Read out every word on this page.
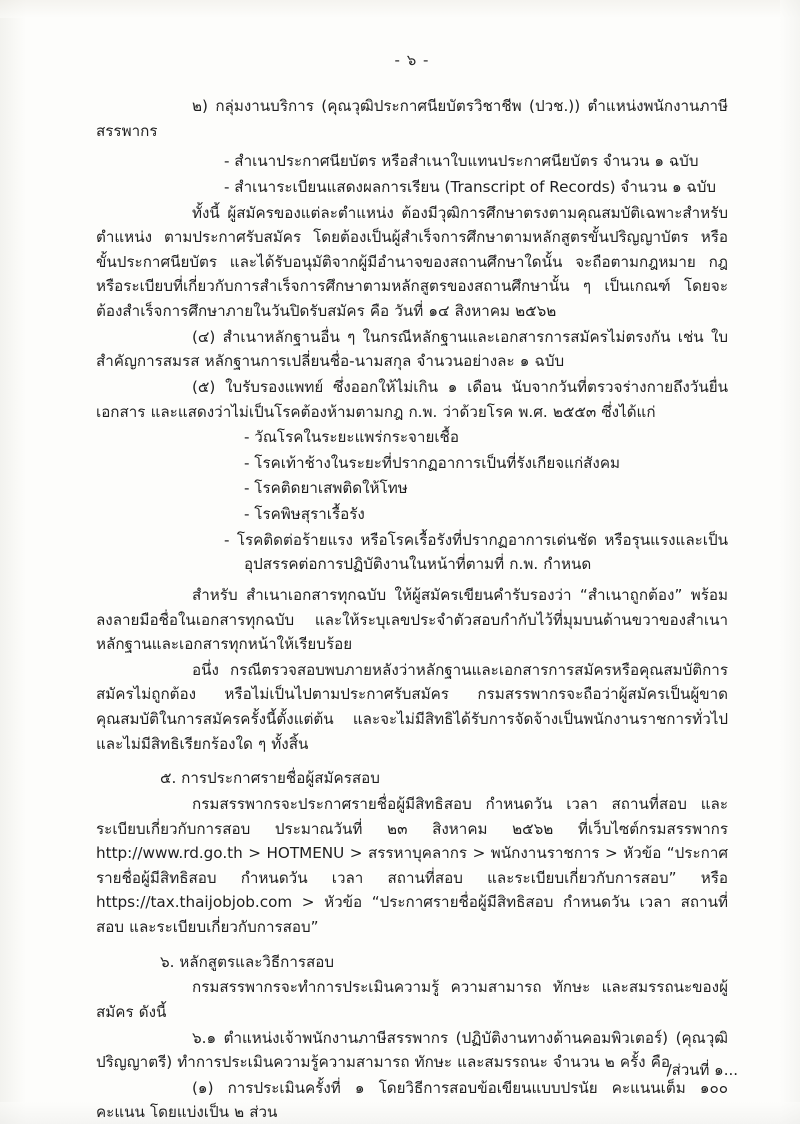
- ๖ -

๒) กลุ่มงานบริการ (คุณวุฒิประกาศนียบัตรวิชาชีพ (ปวช.)) ตำแหน่งพนักงานภาษีสรรพากร

- สำเนาประกาศนียบัตร หรือสำเนาใบแทนประกาศนียบัตร จำนวน ๑ ฉบับ

- สำเนาระเบียนแสดงผลการเรียน (Transcript of Records) จำนวน ๑ ฉบับ

ทั้งนี้ ผู้สมัครของแต่ละตำแหน่ง ต้องมีวุฒิการศึกษาตรงตามคุณสมบัติเฉพาะสำหรับตำแหน่ง ตามประกาศรับสมัคร โดยต้องเป็นผู้สำเร็จการศึกษาตามหลักสูตรขั้นปริญญาบัตร หรือขั้นประกาศนียบัตร และได้รับอนุมัติจากผู้มีอำนาจของสถานศึกษาใดนั้น จะถือตามกฎหมาย กฎ หรือระเบียบที่เกี่ยวกับการสำเร็จการศึกษาตามหลักสูตรของสถานศึกษานั้น ๆ เป็นเกณฑ์ โดยจะต้องสำเร็จการศึกษาภายในวันปิดรับสมัคร คือ วันที่ ๑๔ สิงหาคม ๒๕๖๒

(๔) สำเนาหลักฐานอื่น ๆ ในกรณีหลักฐานและเอกสารการสมัครไม่ตรงกัน เช่น ใบสำคัญการสมรส หลักฐานการเปลี่ยนชื่อ-นามสกุล จำนวนอย่างละ ๑ ฉบับ

(๕) ใบรับรองแพทย์ ซึ่งออกให้ไม่เกิน ๑ เดือน นับจากวันที่ตรวจร่างกายถึงวันยื่นเอกสาร และแสดงว่าไม่เป็นโรคต้องห้ามตามกฎ ก.พ. ว่าด้วยโรค พ.ศ. ๒๕๕๓ ซึ่งได้แก่

- วัณโรคในระยะแพร่กระจายเชื้อ

- โรคเท้าช้างในระยะที่ปรากฏอาการเป็นที่รังเกียจแก่สังคม

- โรคติดยาเสพติดให้โทษ

- โรคพิษสุราเรื้อรัง

- โรคติดต่อร้ายแรง หรือโรคเรื้อรังที่ปรากฏอาการเด่นชัด หรือรุนแรงและเป็นอุปสรรคต่อการปฏิบัติงานในหน้าที่ตามที่ ก.พ. กำหนด

สำหรับ สำเนาเอกสารทุกฉบับ ให้ผู้สมัครเขียนคำรับรองว่า “สำเนาถูกต้อง” พร้อมลงลายมือชื่อในเอกสารทุกฉบับ และให้ระบุเลขประจำตัวสอบกำกับไว้ที่มุมบนด้านขวาของสำเนาหลักฐานและเอกสารทุกหน้าให้เรียบร้อย

อนึ่ง กรณีตรวจสอบพบภายหลังว่าหลักฐานและเอกสารการสมัครหรือคุณสมบัติการสมัครไม่ถูกต้อง หรือไม่เป็นไปตามประกาศรับสมัคร กรมสรรพากรจะถือว่าผู้สมัครเป็นผู้ขาดคุณสมบัติในการสมัครครั้งนี้ตั้งแต่ต้น และจะไม่มีสิทธิได้รับการจัดจ้างเป็นพนักงานราชการทั่วไป และไม่มีสิทธิเรียกร้องใด ๆ ทั้งสิ้น

๕. การประกาศรายชื่อผู้สมัครสอบ

กรมสรรพากรจะประกาศรายชื่อผู้มีสิทธิสอบ กำหนดวัน เวลา สถานที่สอบ และระเบียบเกี่ยวกับการสอบ ประมาณวันที่ ๒๓ สิงหาคม ๒๕๖๒ ที่เว็บไซต์กรมสรรพากร http://www.rd.go.th > HOTMENU > สรรหาบุคลากร > พนักงานราชการ > หัวข้อ “ประกาศรายชื่อผู้มีสิทธิสอบ กำหนดวัน เวลา สถานที่สอบ และระเบียบเกี่ยวกับการสอบ” หรือ https://tax.thaijobjob.com > หัวข้อ “ประกาศรายชื่อผู้มีสิทธิสอบ กำหนดวัน เวลา สถานที่สอบ และระเบียบเกี่ยวกับการสอบ”

๖. หลักสูตรและวิธีการสอบ

กรมสรรพากรจะทำการประเมินความรู้ ความสามารถ ทักษะ และสมรรถนะของผู้สมัคร ดังนี้

๖.๑ ตำแหน่งเจ้าพนักงานภาษีสรรพากร (ปฏิบัติงานทางด้านคอมพิวเตอร์) (คุณวุฒิปริญญาตรี) ทำการประเมินความรู้ความสามารถ ทักษะ และสมรรถนะ จำนวน ๒ ครั้ง คือ

(๑) การประเมินครั้งที่ ๑ โดยวิธีการสอบข้อเขียนแบบปรนัย คะแนนเต็ม ๑๐๐ คะแนน โดยแบ่งเป็น ๒ ส่วน

/ส่วนที่ ๑...
